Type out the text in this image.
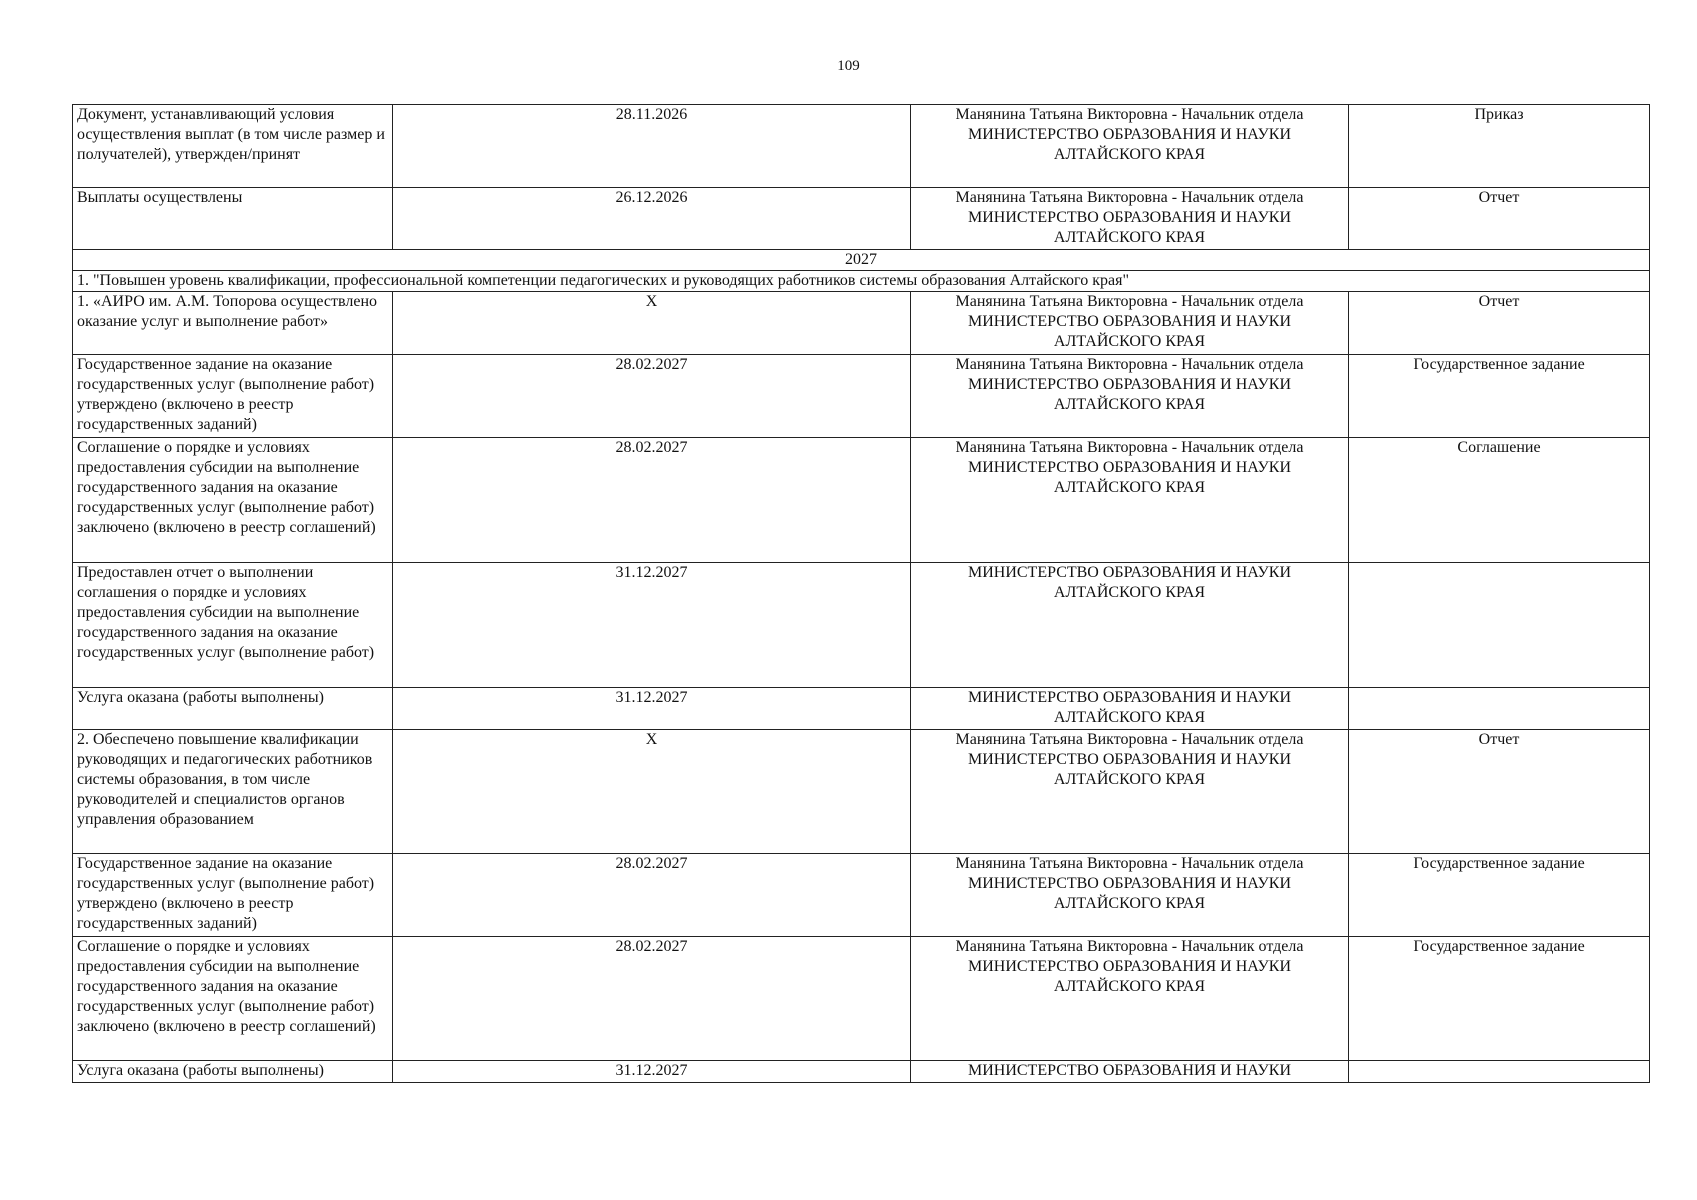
109
Документ, устанавливающий условия осуществления выплат (в том числе размер и получателей), утвержден/принят	28.11.2026	Манянина Татьяна Викторовна - Начальник отдела МИНИСТЕРСТВО ОБРАЗОВАНИЯ И НАУКИ АЛТАЙСКОГО КРАЯ	Приказ
Выплаты осуществлены	26.12.2026	Манянина Татьяна Викторовна - Начальник отдела МИНИСТЕРСТВО ОБРАЗОВАНИЯ И НАУКИ АЛТАЙСКОГО КРАЯ	Отчет
2027			
1. "Повышен уровень квалификации, профессиональной компетенции педагогических и руководящих работников системы образования Алтайского края"			
1. «АИРО им. А.М. Топорова осуществлено оказание услуг и выполнение работ»	X	Манянина Татьяна Викторовна - Начальник отдела МИНИСТЕРСТВО ОБРАЗОВАНИЯ И НАУКИ АЛТАЙСКОГО КРАЯ	Отчет
Государственное задание на оказание государственных услуг (выполнение работ) утверждено (включено в реестр государственных заданий)	28.02.2027	Манянина Татьяна Викторовна - Начальник отдела МИНИСТЕРСТВО ОБРАЗОВАНИЯ И НАУКИ АЛТАЙСКОГО КРАЯ	Государственное задание
Соглашение о порядке и условиях предоставления субсидии на выполнение государственного задания на оказание государственных услуг (выполнение работ) заключено (включено в реестр соглашений)	28.02.2027	Манянина Татьяна Викторовна - Начальник отдела МИНИСТЕРСТВО ОБРАЗОВАНИЯ И НАУКИ АЛТАЙСКОГО КРАЯ	Соглашение
Предоставлен отчет о выполнении соглашения о порядке и условиях предоставления субсидии на выполнение государственного задания на оказание государственных услуг (выполнение работ)	31.12.2027	МИНИСТЕРСТВО ОБРАЗОВАНИЯ И НАУКИ АЛТАЙСКОГО КРАЯ	
Услуга оказана (работы выполнены)	31.12.2027	МИНИСТЕРСТВО ОБРАЗОВАНИЯ И НАУКИ АЛТАЙСКОГО КРАЯ	
2. Обеспечено повышение квалификации руководящих и педагогических работников системы образования, в том числе руководителей и специалистов органов управления образованием	X	Манянина Татьяна Викторовна - Начальник отдела МИНИСТЕРСТВО ОБРАЗОВАНИЯ И НАУКИ АЛТАЙСКОГО КРАЯ	Отчет
Государственное задание на оказание государственных услуг (выполнение работ) утверждено (включено в реестр государственных заданий)	28.02.2027	Манянина Татьяна Викторовна - Начальник отдела МИНИСТЕРСТВО ОБРАЗОВАНИЯ И НАУКИ АЛТАЙСКОГО КРАЯ	Государственное задание
Соглашение о порядке и условиях предоставления субсидии на выполнение государственного задания на оказание государственных услуг (выполнение работ) заключено (включено в реестр соглашений)	28.02.2027	Манянина Татьяна Викторовна - Начальник отдела МИНИСТЕРСТВО ОБРАЗОВАНИЯ И НАУКИ АЛТАЙСКОГО КРАЯ	Государственное задание
Услуга оказана (работы выполнены)	31.12.2027	МИНИСТЕРСТВО ОБРАЗОВАНИЯ И НАУКИ	
